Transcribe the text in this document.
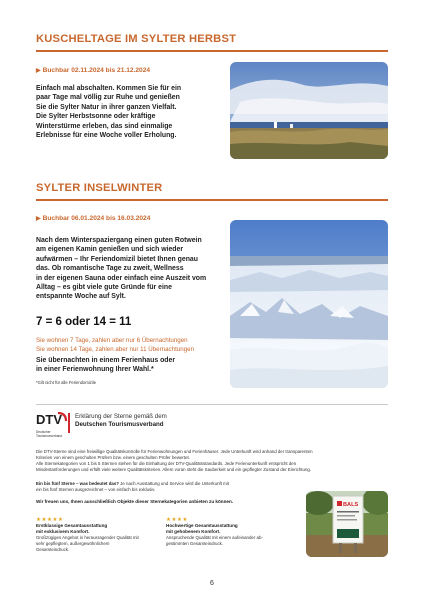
KUSCHELTAGE IM SYLTER HERBST
▶ Buchbar 02.11.2024 bis 21.12.2024
Einfach mal abschalten. Kommen Sie für ein
paar Tage mal völlig zur Ruhe und genießen
Sie die Sylter Natur in ihrer ganzen Vielfalt.
Die Sylter Herbstsonne oder kräftige
Winterstürme erleben, das sind einmalige
Erlebnisse für eine Woche voller Erholung.
SYLTER INSELWINTER
▶ Buchbar 06.01.2024 bis 16.03.2024
Nach dem Winterspaziergang einen guten Rotwein
am eigenen Kamin genießen und sich wieder
aufwärmen – Ihr Feriendomizil bietet Ihnen genau
das. Ob romantische Tage zu zweit, Wellness
in der eigenen Sauna oder einfach eine Auszeit vom
Alltag – es gibt viele gute Gründe für eine
entspannte Woche auf Sylt.
7 = 6 oder 14 = 11
Sie wohnen 7 Tage, zahlen aber nur 6 Übernachtungen
Sie wohnen 14 Tage, zahlen aber nur 11 Übernachtungen
Sie übernachten in einem Ferienhaus oder
in einer Ferienwohnung Ihrer Wahl.*
*Gilt nicht für alle Feriendomizile
DTV
Deutscher
Tourismusverband
Erklärung der Sterne gemäß dem
Deutschen Tourismusverband
Die DTV-Sterne sind eine freiwillige Qualitätskontrolle für Ferienwohnungen und Ferienhäuser. Jede Unterkunft wird anhand der transparenten
Kriterien von einem geschulten Prüfern bzw. einem geschulten Prüfer bewertet.
Alle Sternekategorien von 1 bis 5 Sternen stehen für die Einhaltung der DTV-Qualitätsstandards. Jede Ferienunterkunft entspricht den
Mindestanforderungen und erfüllt viele weitere Qualitätskriterien. Allem voran steht die Sauberkeit und ein gepflegter Zustand der Einrichtung.
Ein bis fünf Sterne – was bedeutet das? Je nach Ausstattung und Service wird die Unterkunft mit
ein bis fünf Sternen ausgezeichnet – von einfach bis exklusiv.
Wir freuen uns, Ihnen ausschließlich Objekte dieser Sternekategorien anbieten zu können.
★★★★★
Erstklassige Gesamtausstattung
mit exklusivem Komfort.
Großzügiges Angebot in herausragender Qualität mit
sehr gepflegtem, außergewöhnlichem
Gesamteindruck.
★★★★
Hochwertige Gesamtausstattung
mit gehobenem Komfort.
Anspruchende Qualität mit einem aufeinander ab-
gestimmten Gesamteindruck.
BALS
6
